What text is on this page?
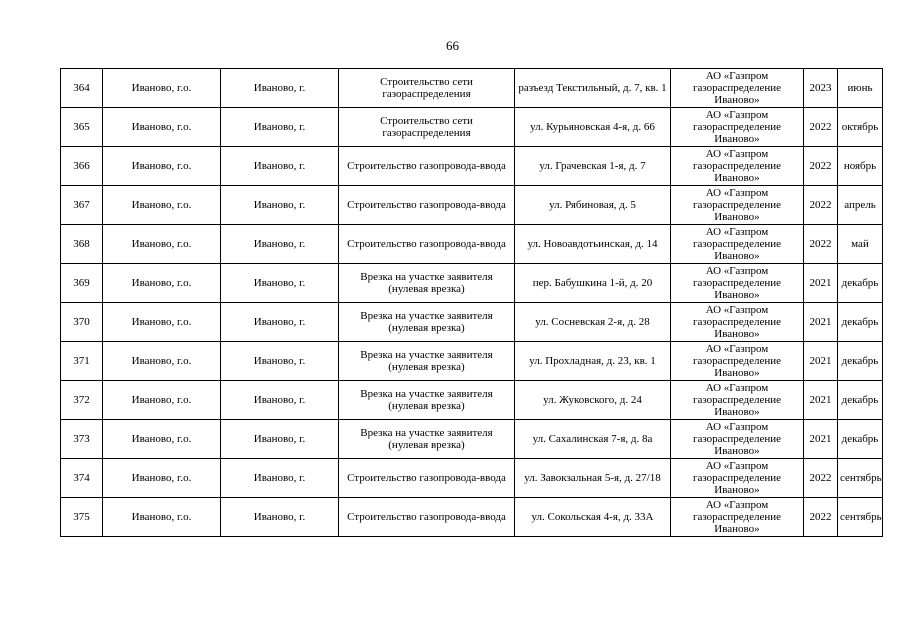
66
364	Иваново, г.о.	Иваново, г.	Строительство сети газораспределения	разъезд Текстильный, д. 7, кв. 1	АО «Газпром газораспределение Иваново»	2023	июнь
365	Иваново, г.о.	Иваново, г.	Строительство сети газораспределения	ул. Курьяновская 4-я, д. 66	АО «Газпром газораспределение Иваново»	2022	октябрь
366	Иваново, г.о.	Иваново, г.	Строительство газопровода-ввода	ул. Грачевская 1-я, д. 7	АО «Газпром газораспределение Иваново»	2022	ноябрь
367	Иваново, г.о.	Иваново, г.	Строительство газопровода-ввода	ул. Рябиновая, д. 5	АО «Газпром газораспределение Иваново»	2022	апрель
368	Иваново, г.о.	Иваново, г.	Строительство газопровода-ввода	ул. Новоавдотьинская, д. 14	АО «Газпром газораспределение Иваново»	2022	май
369	Иваново, г.о.	Иваново, г.	Врезка на участке заявителя (нулевая врезка)	пер. Бабушкина 1-й, д. 20	АО «Газпром газораспределение Иваново»	2021	декабрь
370	Иваново, г.о.	Иваново, г.	Врезка на участке заявителя (нулевая врезка)	ул. Сосневская 2-я, д. 28	АО «Газпром газораспределение Иваново»	2021	декабрь
371	Иваново, г.о.	Иваново, г.	Врезка на участке заявителя (нулевая врезка)	ул. Прохладная, д. 23, кв. 1	АО «Газпром газораспределение Иваново»	2021	декабрь
372	Иваново, г.о.	Иваново, г.	Врезка на участке заявителя (нулевая врезка)	ул. Жуковского, д. 24	АО «Газпром газораспределение Иваново»	2021	декабрь
373	Иваново, г.о.	Иваново, г.	Врезка на участке заявителя (нулевая врезка)	ул. Сахалинская 7-я, д. 8а	АО «Газпром газораспределение Иваново»	2021	декабрь
374	Иваново, г.о.	Иваново, г.	Строительство газопровода-ввода	ул. Завокзальная 5-я, д. 27/18	АО «Газпром газораспределение Иваново»	2022	сентябрь
375	Иваново, г.о.	Иваново, г.	Строительство газопровода-ввода	ул. Сокольская 4-я, д. 33А	АО «Газпром газораспределение Иваново»	2022	сентябрь
